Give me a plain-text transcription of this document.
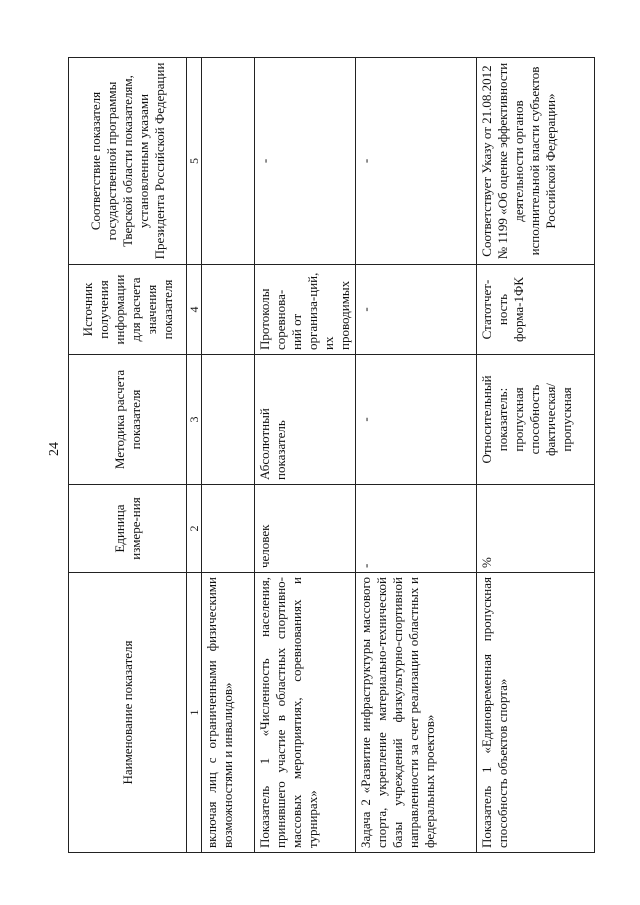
24
Наименование показателя	Единица измере-ния	Методика расчета показателя	Источник получения информации для расчета значения показателя	Соответствие показателя государственной программы Тверской области показателям, установленным указами Президента Российской Федерации
1	2	3	4	5
включая лиц с ограниченными физическими возможностями и инвалидов»				
Показатель 1 «Численность населения, принявшего участие в областных спортивно-массовых мероприятиях, соревнованиях и турнирах»	человек	Абсолютный показатель	Протоколы соревнова-ний от организа-ций, их проводимых	-
Задача 2 «Развитие инфраструктуры массового спорта, укрепление материально-технической базы учреждений физкультурно-спортивной направленности за счет реализации областных и федеральных проектов»	-	-	-	-
Показатель 1 «Единовременная пропускная способность объектов спорта»	%	Относительный показатель: пропускная способность фактическая/ пропускная	Статотчет-ность форма-1ФК	Соответствует Указу от 21.08.2012 № 1199 «Об оценке эффективности деятельности органов исполнительной власти субъектов Российской Федерации»
